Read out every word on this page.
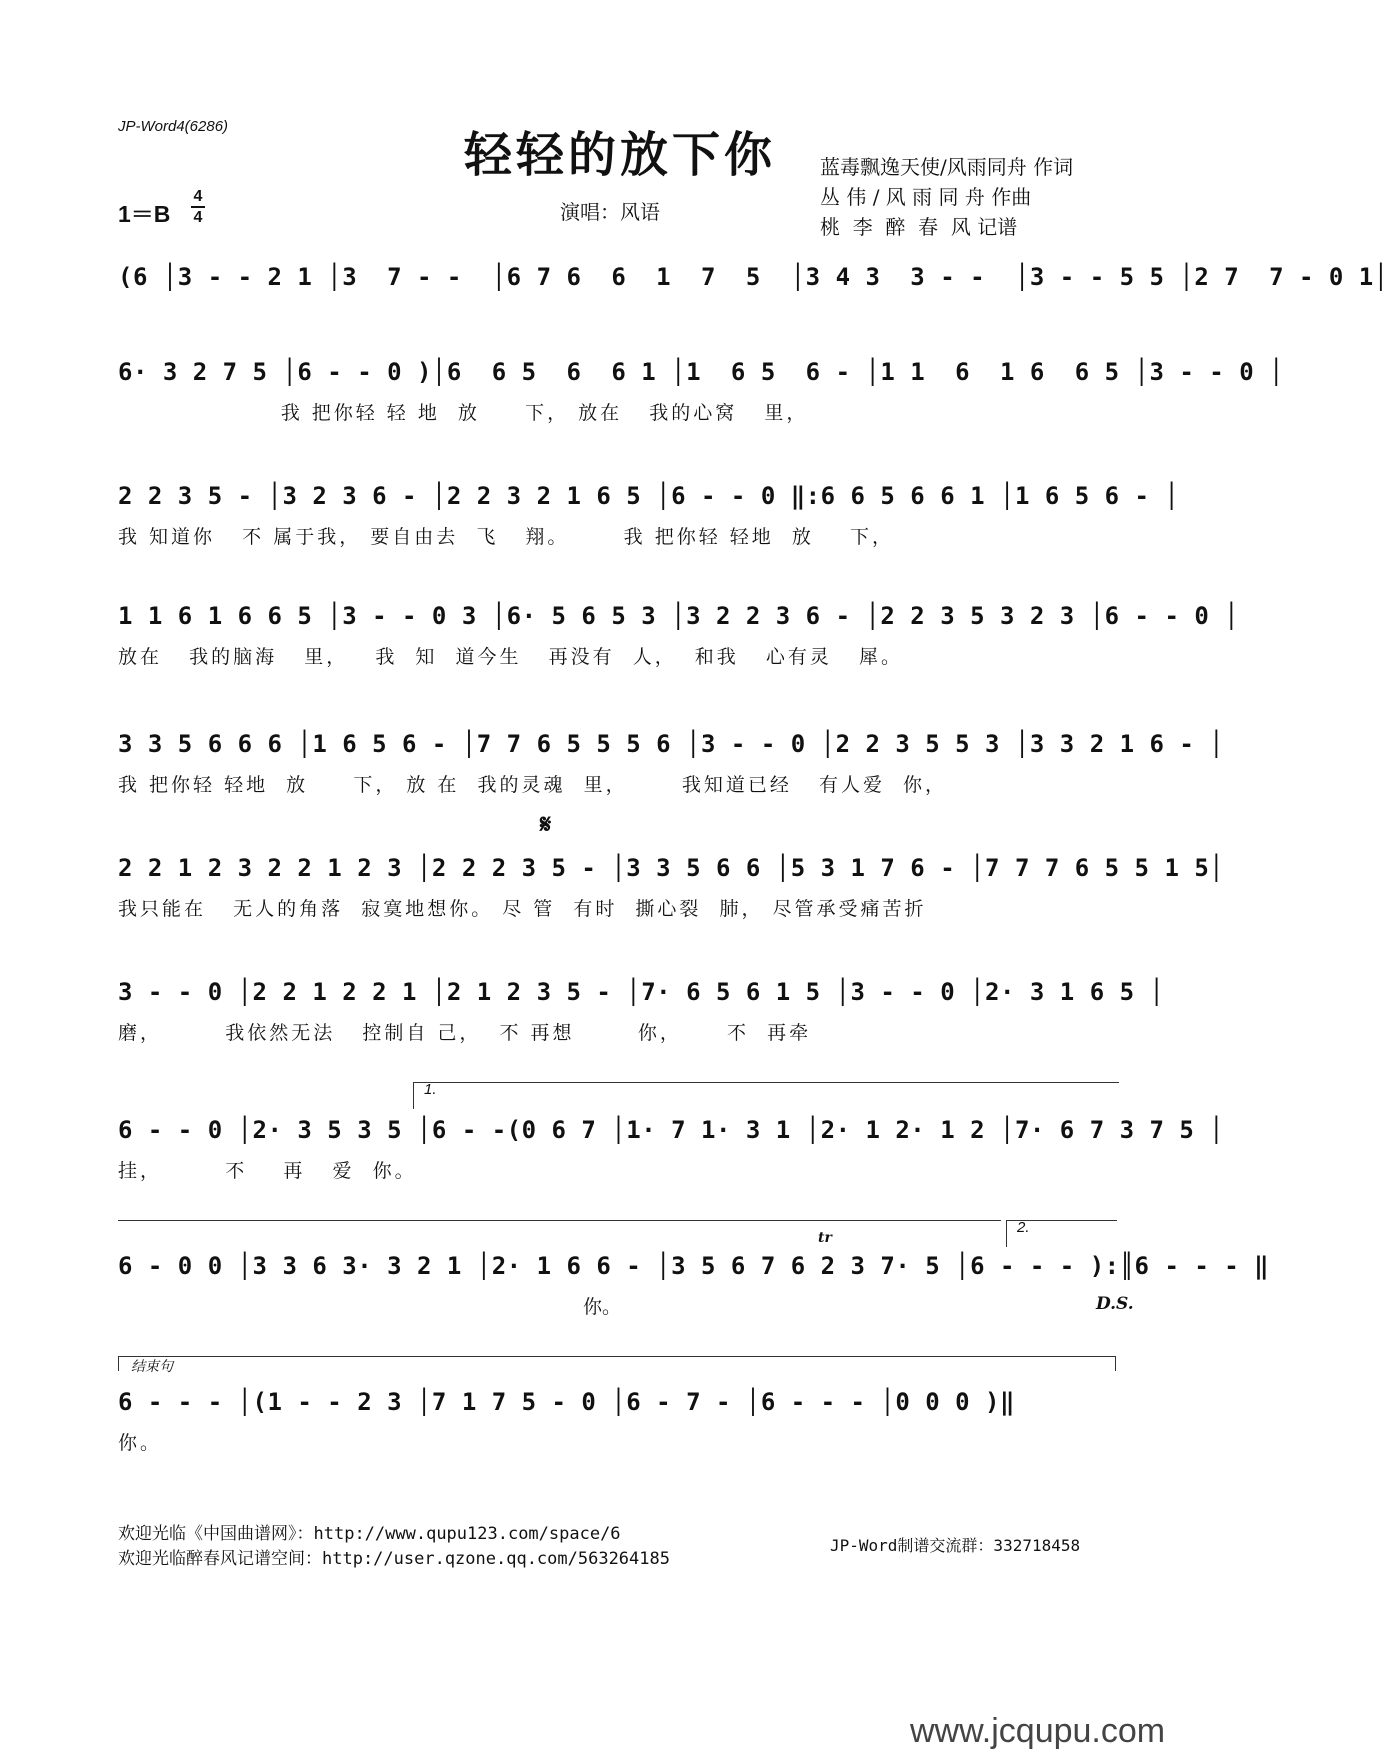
JP-Word4(6286)
轻轻的放下你	蓝毒飘逸天使/风雨同舟 作词
丛 伟 / 风 雨 同 舟 作曲
桃  李  醉  春  风 记谱
1＝B
4
4	演唱：风语
(6 │3 - - 2 1 │3  7 - -  │6 7 6  6  1  7  5  │3 4 3  3 - -  │3 - - 5 5 │2 7  7 - 0 1│
6· 3 2 7 5 │6 - - 0 )│6  6 5  6  6 1 │1  6 5  6 - │1 1  6  1 6  6 5 │3 - - 0 │
我 把你轻 轻 地  放     下， 放在   我的心窝   里，
2 2 3 5 - │3 2 3 6 - │2 2 3 2 1 6 5 │6 - - 0 ‖:6 6 5 6 6 1 │1 6 5 6 - │
我 知道你   不 属于我， 要自由去  飞   翔。      我 把你轻 轻地  放    下，
1 1 6 1 6 6 5 │3 - - 0 3 │6· 5 6 5 3 │3 2 2 3 6 - │2 2 3 5 3 2 3 │6 - - 0 │
放在   我的脑海   里，   我  知  道今生   再没有  人，  和我   心有灵   犀。
3 3 5 6 6 6 │1 6 5 6 - │7 7 6 5 5 5 6 │3 - - 0 │2 2 3 5 5 3 │3 3 2 1 6 - │
我 把你轻 轻地  放     下， 放 在  我的灵魂  里，      我知道已经   有人爱  你，
𝄋
2 2 1 2 3 2 2 1 2 3 │2 2 2 3 5 - │3 3 5 6 6 │5 3 1 7 6 - │7 7 7 6 5 5 1 5│
我只能在   无人的角落  寂寞地想你。 尽 管  有时  撕心裂  肺， 尽管承受痛苦折
3 - - 0 │2 2 1 2 2 1 │2 1 2 3 5 - │7· 6 5 6 1 5 │3 - - 0 │2· 3 1 6 5 │
磨，       我依然无法   控制自 己，  不 再想       你，     不  再牵
1.
6 - - 0 │2· 3 5 3 5 │6 - -(0 6 7 │1· 7 1· 3 1 │2· 1 2· 1 2 │7· 6 7 3 7 5 │
挂，       不    再   爱  你。
2.
tr
6 - 0 0 │3 3 6 3· 3 2 1 │2· 1 6 6 - │3 5 6 7 6 2 3 7· 5 │6 - - - ):║6 - - - ‖
你。	D.S.
结束句
6 - - - │(1 - - 2 3 │7 1 7 5 - 0 │6 - 7 - │6 - - - │0 0 0 )‖
你。
欢迎光临《中国曲谱网》：http://www.qupu123.com/space/6
欢迎光临醉春风记谱空间：http://user.qzone.qq.com/563264185
JP-Word制谱交流群：332718458
www.jcqupu.com
